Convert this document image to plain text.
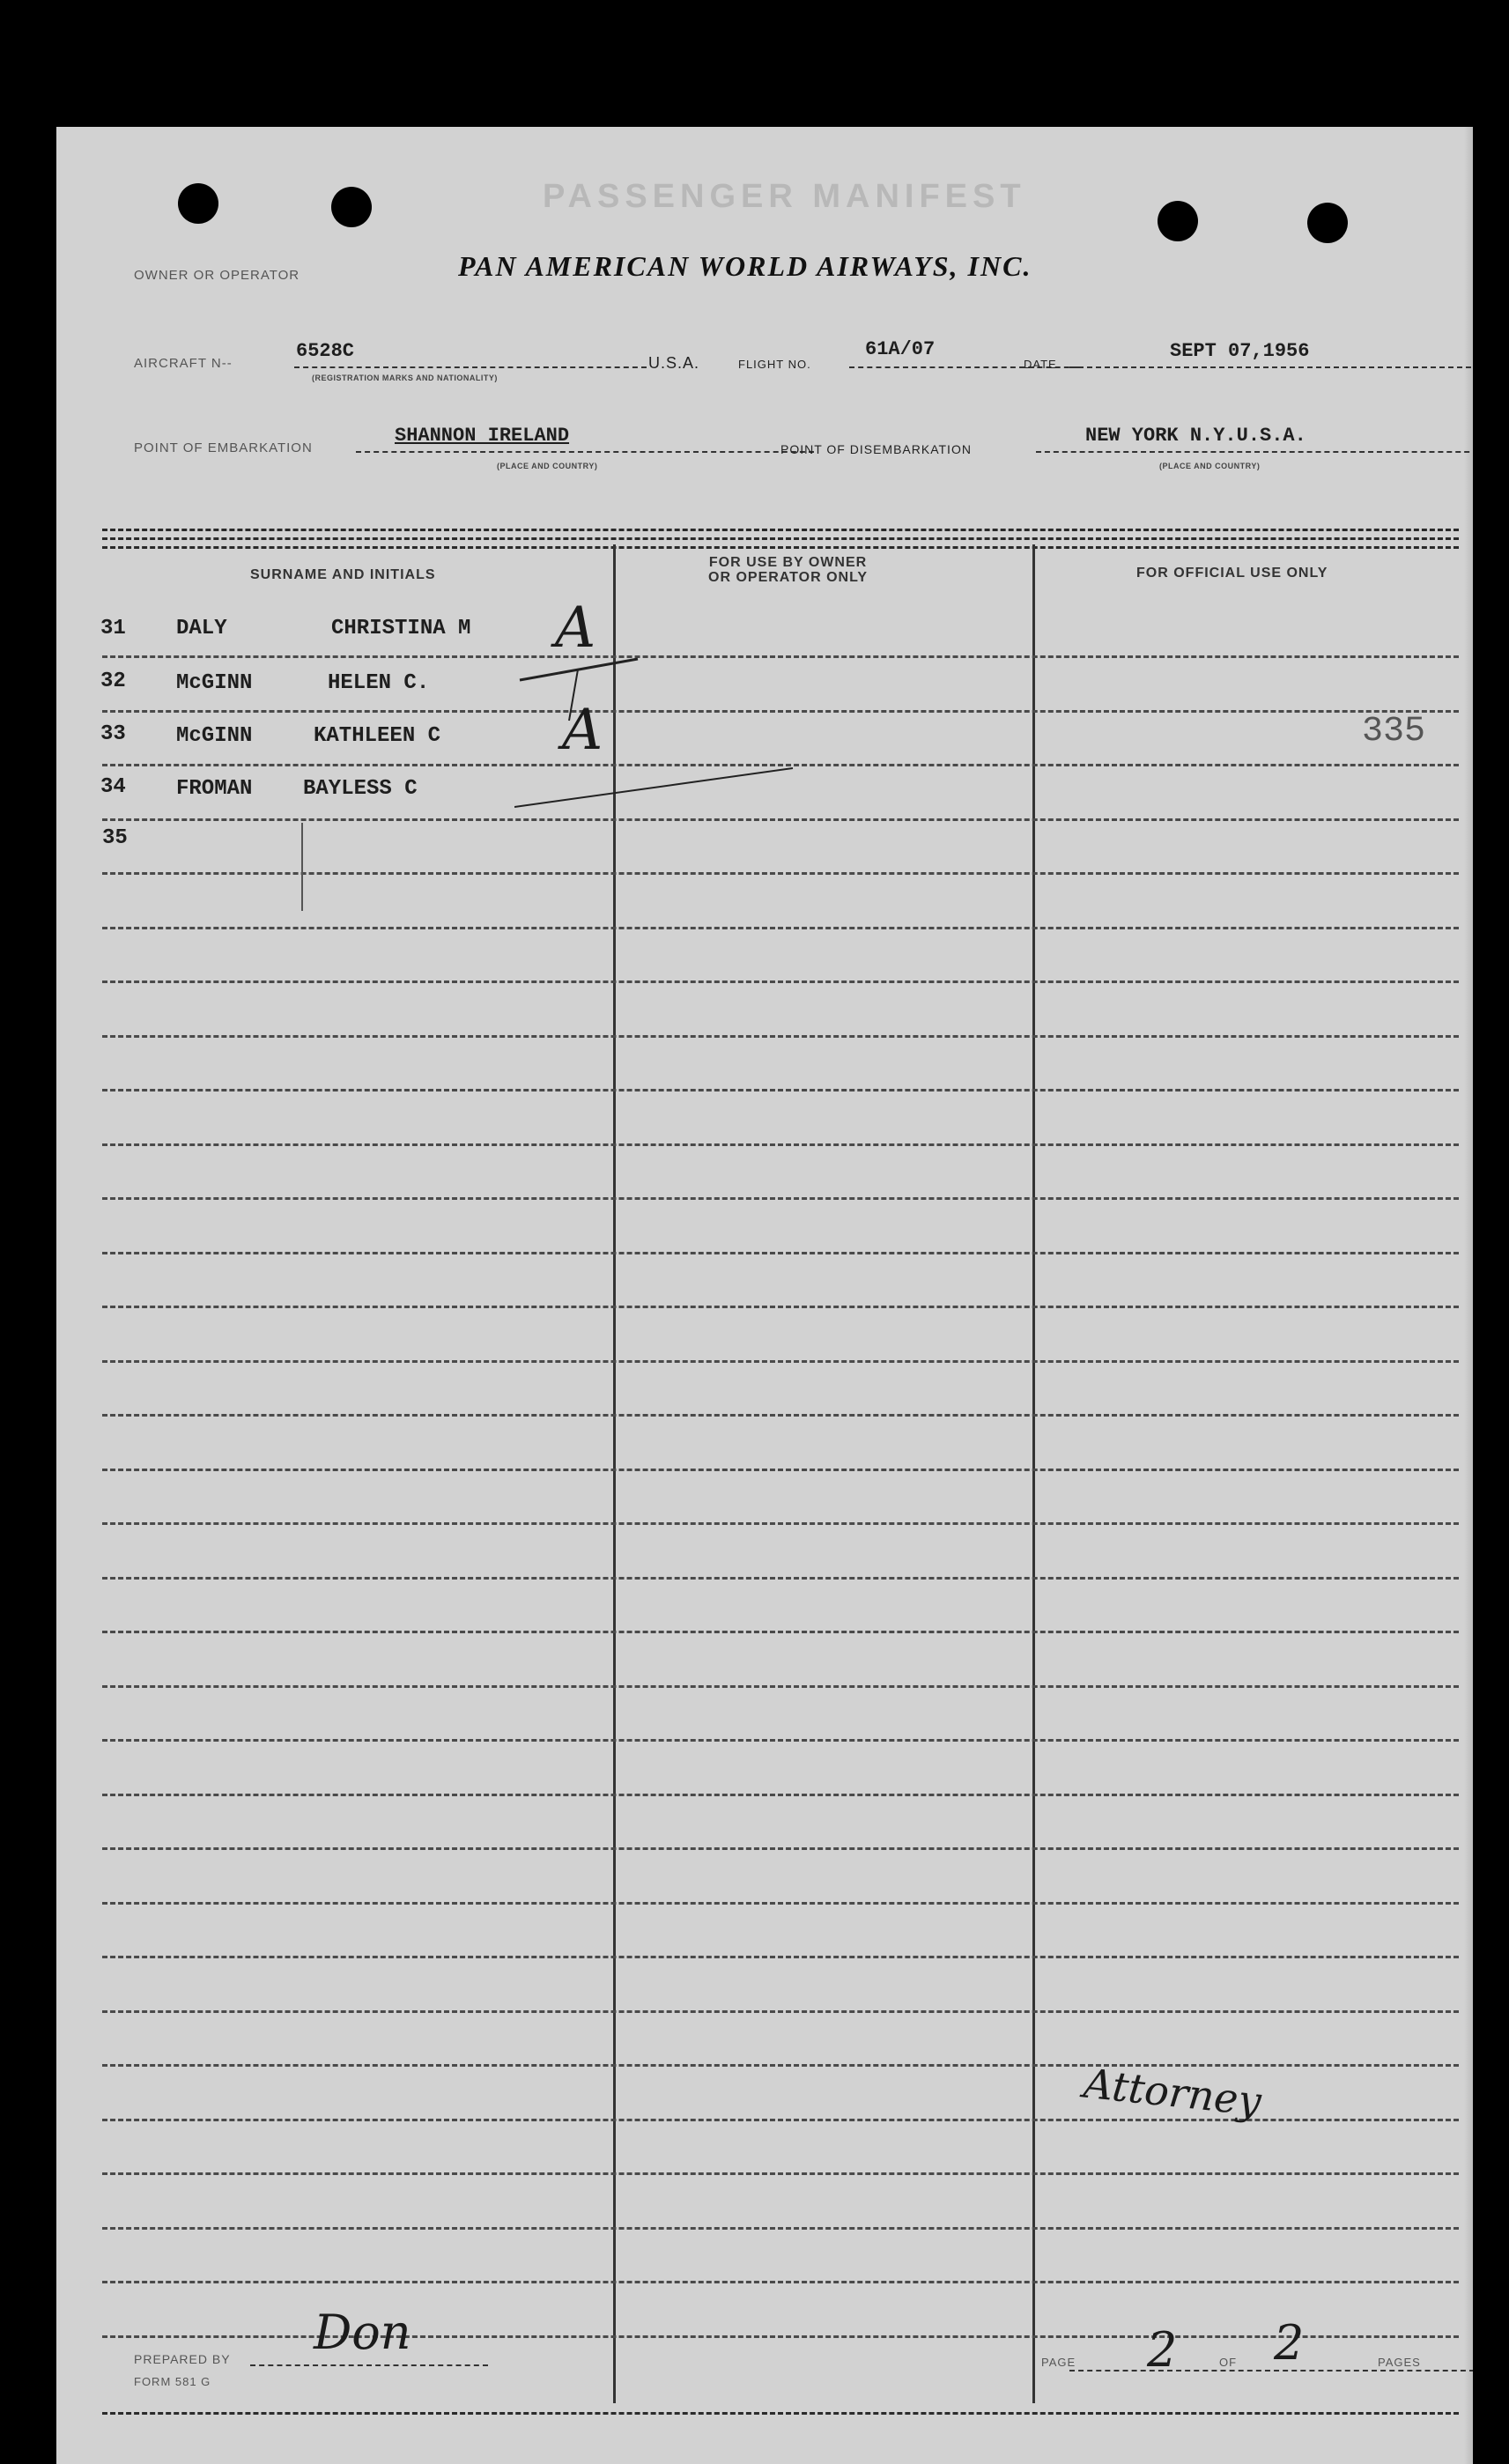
PASSENGER MANIFEST
OWNER OR OPERATOR	PAN AMERICAN WORLD AIRWAYS, INC.
AIRCRAFT N--
6528C
(REGISTRATION MARKS AND NATIONALITY)
U.S.A.	FLIGHT NO.
61A/07
DATE
SEPT 07,1956
POINT OF EMBARKATION
SHANNON IRELAND
(PLACE AND COUNTRY)
POINT OF DISEMBARKATION
NEW YORK N.Y.U.S.A.
(PLACE AND COUNTRY)
SURNAME AND INITIALS
FOR USE BY OWNER
OR OPERATOR ONLY	FOR OFFICIAL USE ONLY
31 DALY	CHRISTINA M A
32 McGINN	HELEN C.
33 McGINN	KATHLEEN C A	335
34 FROMAN BAYLESS C
35
Attorney
PREPARED BY Don
FORM 581 G
PAGE 2	OF 2	PAGES
